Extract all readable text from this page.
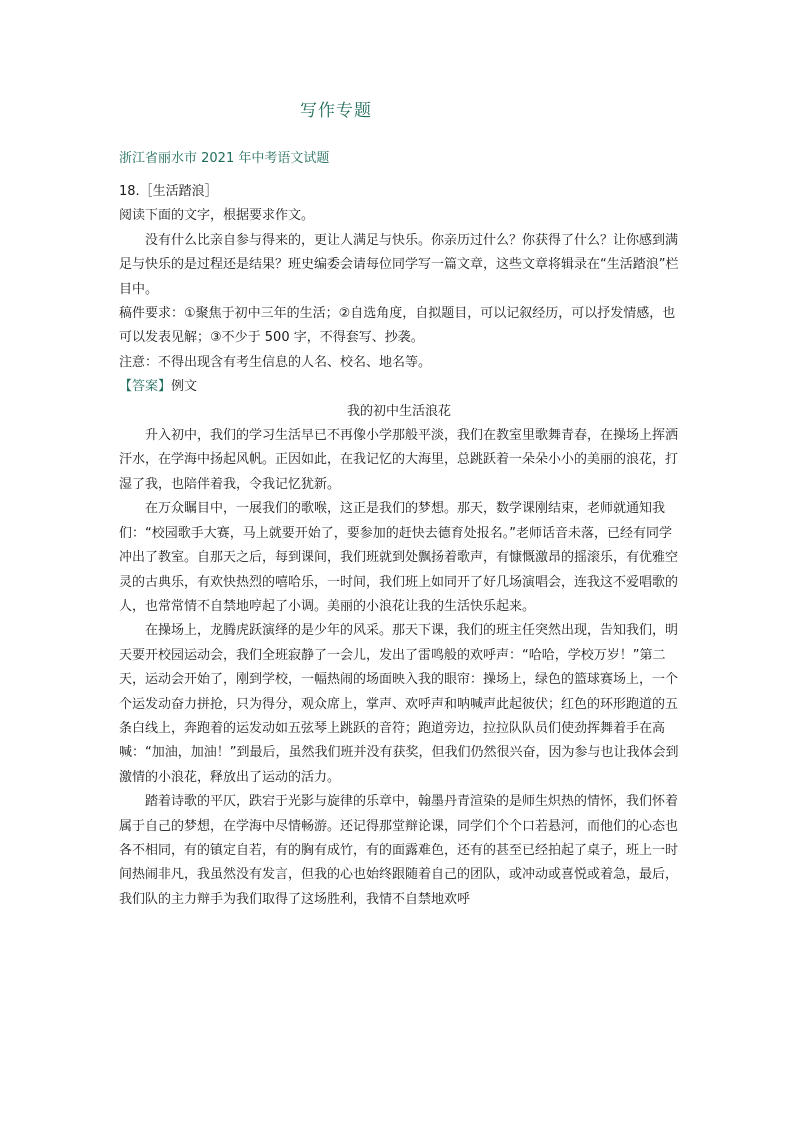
写作专题
浙江省丽水市 2021 年中考语文试题

18.［生活踏浪］

阅读下面的文字，根据要求作文。

没有什么比亲自参与得来的，更让人满足与快乐。你亲历过什么？你获得了什么？让你感到满足与快乐的是过程还是结果？班史编委会请每位同学写一篇文章，这些文章将辑录在“生活踏浪”栏目中。

稿件要求：①聚焦于初中三年的生活；②自选角度，自拟题目，可以记叙经历，可以抒发情感，也可以发表见解；③不少于 500 字，不得套写、抄袭。

注意：不得出现含有考生信息的人名、校名、地名等。

【答案】例文

我的初中生活浪花

升入初中，我们的学习生活早已不再像小学那般平淡，我们在教室里歌舞青春，在操场上挥洒汗水，在学海中扬起风帆。正因如此，在我记忆的大海里，总跳跃着一朵朵小小的美丽的浪花，打湿了我，也陪伴着我，令我记忆犹新。

在万众瞩目中，一展我们的歌喉，这正是我们的梦想。那天，数学课刚结束，老师就通知我们：“校园歌手大赛，马上就要开始了，要参加的赶快去德育处报名。”老师话音未落，已经有同学冲出了教室。自那天之后，每到课间，我们班就到处飘扬着歌声，有慷慨激昂的摇滚乐，有优雅空灵的古典乐，有欢快热烈的嘻哈乐，一时间，我们班上如同开了好几场演唱会，连我这不爱唱歌的人，也常常情不自禁地哼起了小调。美丽的小浪花让我的生活快乐起来。

在操场上，龙腾虎跃演绎的是少年的风采。那天下课，我们的班主任突然出现，告知我们，明天要开校园运动会，我们全班寂静了一会儿，发出了雷鸣般的欢呼声：“哈哈，学校万岁！”第二天，运动会开始了，刚到学校，一幅热闹的场面映入我的眼帘：操场上，绿色的篮球赛场上，一个个运发动奋力拼抢，只为得分，观众席上，掌声、欢呼声和呐喊声此起彼伏；红色的环形跑道的五条白线上，奔跑着的运发动如五弦琴上跳跃的音符；跑道旁边，拉拉队队员们使劲挥舞着手在高喊：“加油，加油！”到最后，虽然我们班并没有获奖，但我们仍然很兴奋，因为参与也让我体会到激情的小浪花，释放出了运动的活力。

踏着诗歌的平仄，跌宕于光影与旋律的乐章中，翰墨丹青渲染的是师生炽热的情怀，我们怀着属于自己的梦想，在学海中尽情畅游。还记得那堂辩论课，同学们个个口若悬河，而他们的心态也各不相同，有的镇定自若，有的胸有成竹，有的面露难色，还有的甚至已经拍起了桌子，班上一时间热闹非凡，我虽然没有发言，但我的心也始终跟随着自己的团队，或冲动或喜悦或着急，最后，我们队的主力辩手为我们取得了这场胜利，我情不自禁地欢呼
